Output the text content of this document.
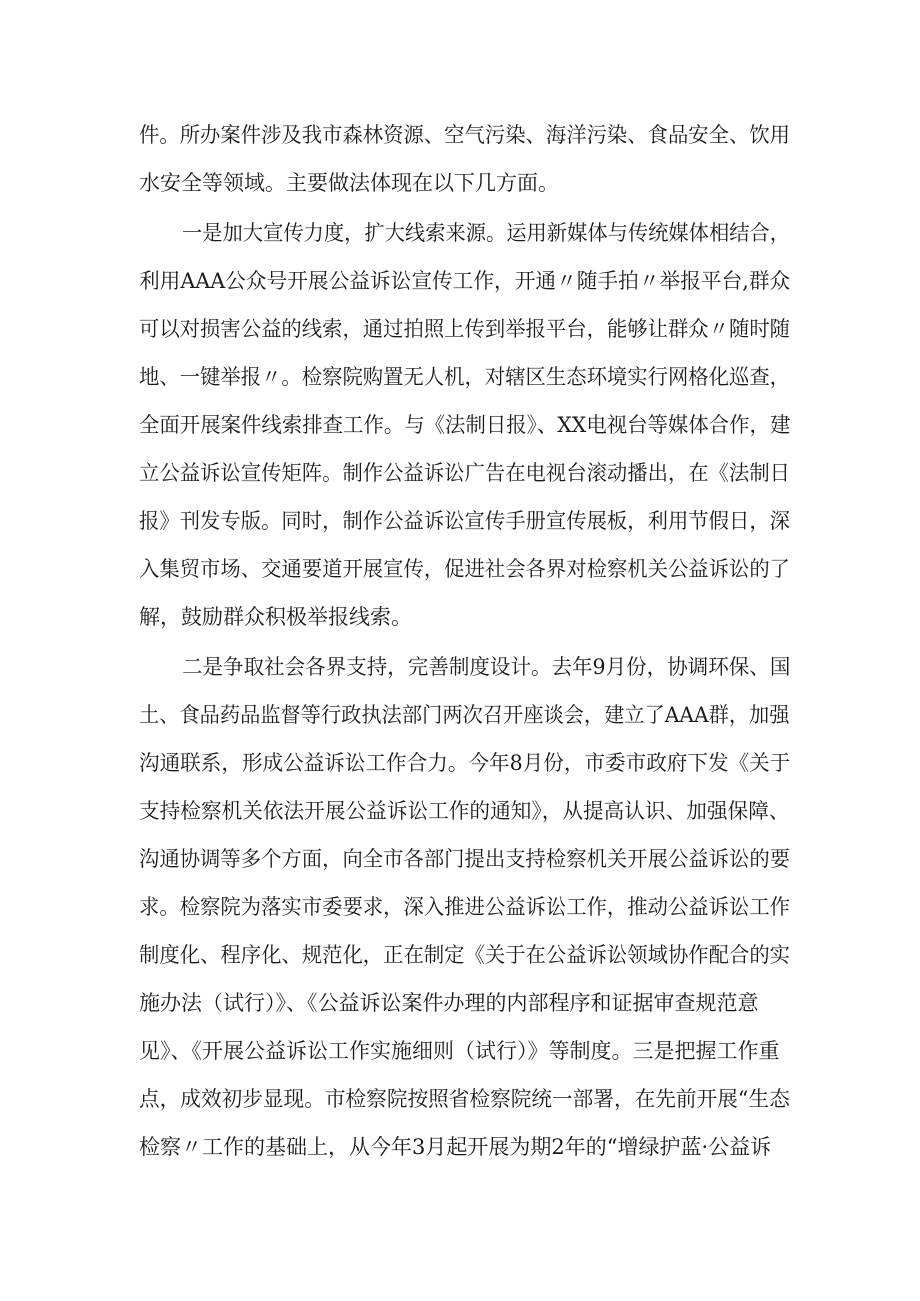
件。所办案件涉及我市森林资源、空气污染、海洋污染、食品安全、饮用
水安全等领域。主要做法体现在以下几方面。
一是加大宣传力度，扩大线索来源。运用新媒体与传统媒体相结合，
利用AAA公众号开展公益诉讼宣传工作，开通〃随手拍〃举报平台,群众
可以对损害公益的线索，通过拍照上传到举报平台，能够让群众〃随时随
地、一键举报〃。检察院购置无人机，对辖区生态环境实行网格化巡查，
全面开展案件线索排查工作。与《法制日报》、XX电视台等媒体合作，建
立公益诉讼宣传矩阵。制作公益诉讼广告在电视台滚动播出，在《法制日
报》刊发专版。同时，制作公益诉讼宣传手册宣传展板，利用节假日，深
入集贸市场、交通要道开展宣传，促进社会各界对检察机关公益诉讼的了
解，鼓励群众积极举报线索。
二是争取社会各界支持，完善制度设计。去年9月份，协调环保、国
土、食品药品监督等行政执法部门两次召开座谈会，建立了AAA群，加强
沟通联系，形成公益诉讼工作合力。今年8月份，市委市政府下发《关于
支持检察机关依法开展公益诉讼工作的通知》，从提高认识、加强保障、
沟通协调等多个方面，向全市各部门提出支持检察机关开展公益诉讼的要
求。检察院为落实市委要求，深入推进公益诉讼工作，推动公益诉讼工作
制度化、程序化、规范化，正在制定《关于在公益诉讼领域协作配合的实
施办法（试行）》、《公益诉讼案件办理的内部程序和证据审查规范意
见》、《开展公益诉讼工作实施细则（试行）》等制度。三是把握工作重
点，成效初步显现。市检察院按照省检察院统一部署，在先前开展“生态
检察〃工作的基础上，从今年3月起开展为期2年的“增绿护蓝·公益诉
